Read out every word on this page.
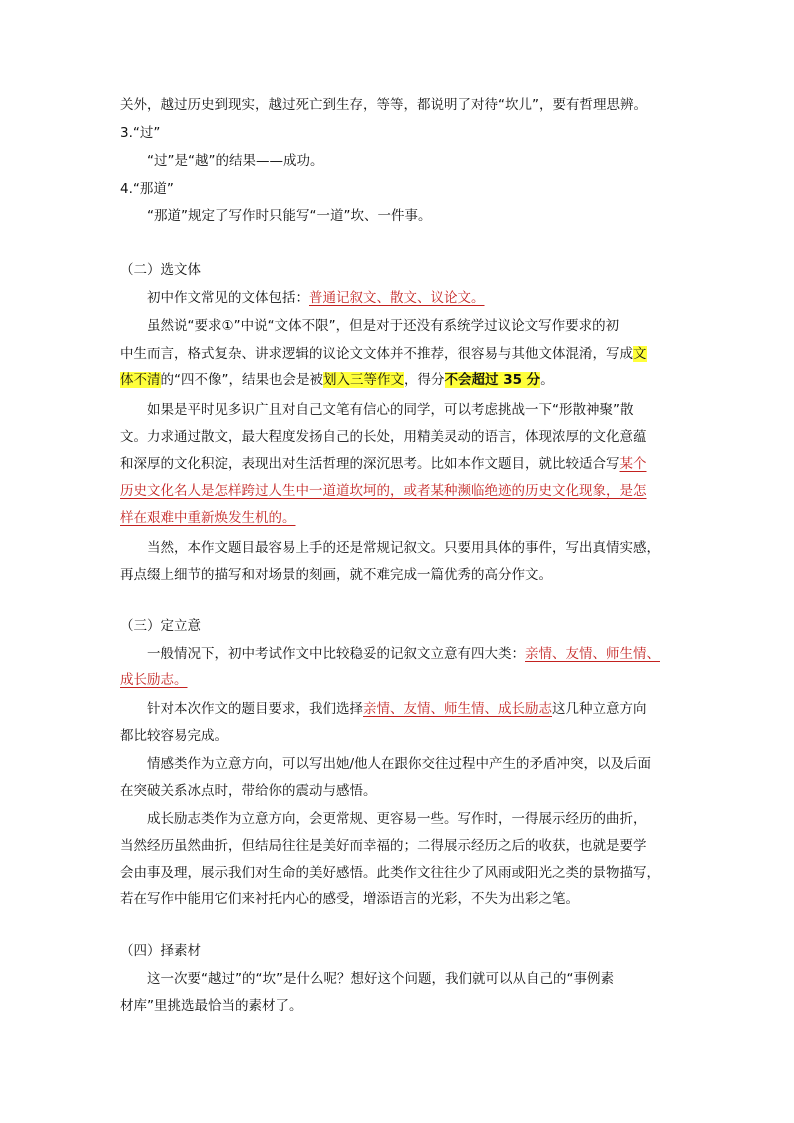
关外，越过历史到现实，越过死亡到生存，等等，都说明了对待“坎儿”，要有哲理思辨。
3.“过”
“过”是“越”的结果——成功。
4.“那道”
“那道”规定了写作时只能写“一道”坎、一件事。
（二）选文体
初中作文常见的文体包括：普通记叙文、散文、议论文。
虽然说“要求①”中说“文体不限”，但是对于还没有系统学过议论文写作要求的初
中生而言，格式复杂、讲求逻辑的议论文文体并不推荐，很容易与其他文体混淆，写成文
体不清的“四不像”，结果也会是被划入三等作文，得分不会超过 35 分。
如果是平时见多识广且对自己文笔有信心的同学，可以考虑挑战一下“形散神聚”散
文。力求通过散文，最大程度发扬自己的长处，用精美灵动的语言，体现浓厚的文化意蕴
和深厚的文化积淀，表现出对生活哲理的深沉思考。比如本作文题目，就比较适合写某个
历史文化名人是怎样跨过人生中一道道坎坷的，或者某种濒临绝迹的历史文化现象，是怎
样在艰难中重新焕发生机的。
当然，本作文题目最容易上手的还是常规记叙文。只要用具体的事件，写出真情实感，
再点缀上细节的描写和对场景的刻画，就不难完成一篇优秀的高分作文。
（三）定立意
一般情况下，初中考试作文中比较稳妥的记叙文立意有四大类：亲情、友情、师生情、
成长励志。
针对本次作文的题目要求，我们选择亲情、友情、师生情、成长励志这几种立意方向
都比较容易完成。
情感类作为立意方向，可以写出她/他人在跟你交往过程中产生的矛盾冲突，以及后面
在突破关系冰点时，带给你的震动与感悟。
成长励志类作为立意方向，会更常规、更容易一些。写作时，一得展示经历的曲折，
当然经历虽然曲折，但结局往往是美好而幸福的；二得展示经历之后的收获，也就是要学
会由事及理，展示我们对生命的美好感悟。此类作文往往少了风雨或阳光之类的景物描写，
若在写作中能用它们来衬托内心的感受，增添语言的光彩，不失为出彩之笔。
（四）择素材
这一次要“越过”的“坎”是什么呢？想好这个问题，我们就可以从自己的“事例素
材库”里挑选最恰当的素材了。
